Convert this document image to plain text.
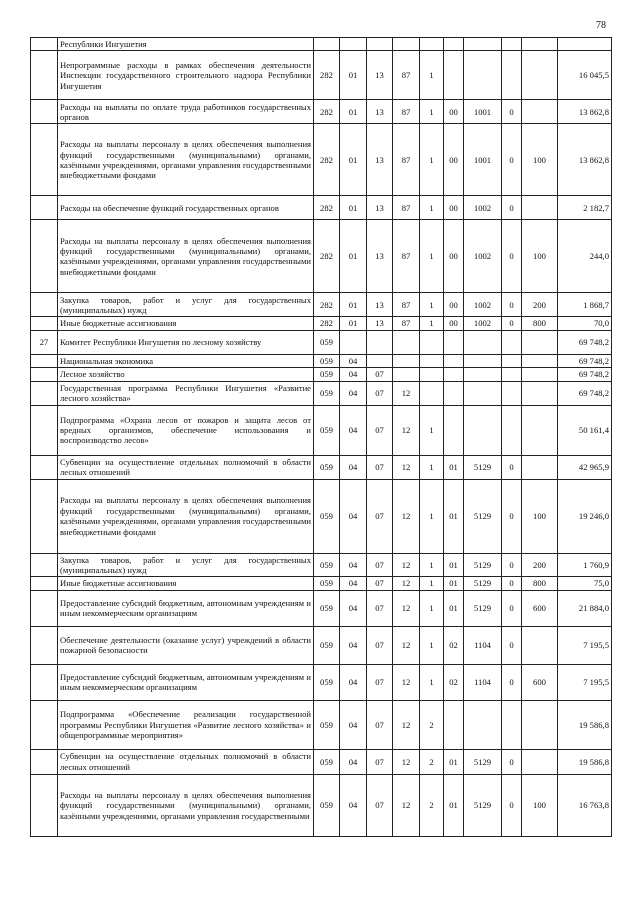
78
	Республики Ингушетия										
	Непрограммные расходы в рамках обеспечения деятельности Инспекции государственного строительного надзора Республики Ингушетия	282	01	13	87	1					16 045,5
	Расходы на выплаты по оплате труда работников государственных органов	282	01	13	87	1	00	1001	0		13 862,8
	Расходы на выплаты персоналу в целях обеспечения выполнения функций государственными (муниципальными) органами, казёнными учреждениями, органами управления государственными внебюджетными фондами	282	01	13	87	1	00	1001	0	100	13 862,8
	Расходы на обеспечение функций государственных органов	282	01	13	87	1	00	1002	0		2 182,7
	Расходы на выплаты персоналу в целях обеспечения выполнения функций государственными (муниципальными) органами, казёнными учреждениями, органами управления государственными внебюджетными фондами	282	01	13	87	1	00	1002	0	100	244,0
	Закупка товаров, работ и услуг для государственных (муниципальных) нужд	282	01	13	87	1	00	1002	0	200	1 868,7
	Иные бюджетные ассигнования	282	01	13	87	1	00	1002	0	800	70,0
27	Комитет Республики Ингушетия по лесному хозяйству	059									69 748,2
	Национальная экономика	059	04								69 748,2
	Лесное хозяйство	059	04	07							69 748,2
	Государственная программа Республики Ингушетия «Развитие лесного хозяйства»	059	04	07	12						69 748,2
	Подпрограмма «Охрана лесов от пожаров и защита лесов от вредных организмов, обеспечение использования и воспроизводство лесов»	059	04	07	12	1					50 161,4
	Субвенции на осуществление отдельных полномочий в области лесных отношений	059	04	07	12	1	01	5129	0		42 965,9
	Расходы на выплаты персоналу в целях обеспечения выполнения функций государственными (муниципальными) органами, казёнными учреждениями, органами управления государственными внебюджетными фондами	059	04	07	12	1	01	5129	0	100	19 246,0
	Закупка товаров, работ и услуг для государственных (муниципальных) нужд	059	04	07	12	1	01	5129	0	200	1 760,9
	Иные бюджетные ассигнования	059	04	07	12	1	01	5129	0	800	75,0
	Предоставление субсидий бюджетным, автономным учреждениям и иным некоммерческим организациям	059	04	07	12	1	01	5129	0	600	21 884,0
	Обеспечение деятельности (оказание услуг) учреждений в области пожарной безопасности	059	04	07	12	1	02	1104	0		7 195,5
	Предоставление субсидий бюджетным, автономным учреждениям и иным некоммерческим организациям	059	04	07	12	1	02	1104	0	600	7 195,5
	Подпрограмма «Обеспечение реализации государственной программы Республики Ингушетия «Развитие лесного хозяйства» и общепрограммные мероприятия»	059	04	07	12	2					19 586,8
	Субвенции на осуществление отдельных полномочий в области лесных отношений	059	04	07	12	2	01	5129	0		19 586,8
	Расходы на выплаты персоналу в целях обеспечения выполнения функций государственными (муниципальными) органами, казёнными учреждениями, органами управления государственными	059	04	07	12	2	01	5129	0	100	16 763,8
